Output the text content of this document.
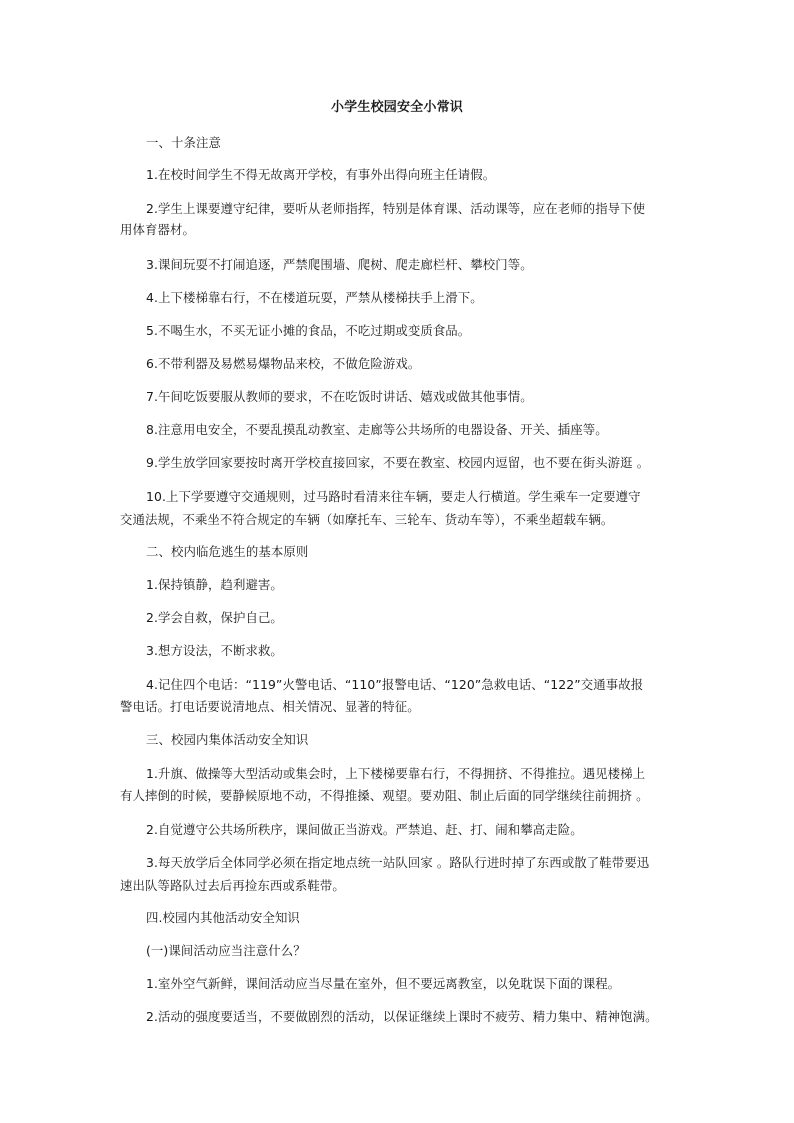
小学生校园安全小常识
一、十条注意
1.在校时间学生不得无故离开学校，有事外出得向班主任请假。
2.学生上课要遵守纪律，要听从老师指挥，特别是体育课、活动课等，应在老师的指导下使
用体育器材。
3.课间玩耍不打闹追逐，严禁爬围墙、爬树、爬走廊栏杆、攀校门等。
4.上下楼梯靠右行，不在楼道玩耍，严禁从楼梯扶手上滑下。
5.不喝生水，不买无证小摊的食品，不吃过期或变质食品。
6.不带利器及易燃易爆物品来校，不做危险游戏。
7.午间吃饭要服从教师的要求，不在吃饭时讲话、嬉戏或做其他事情。
8.注意用电安全，不要乱摸乱动教室、走廊等公共场所的电器设备、开关、插座等。
9.学生放学回家要按时离开学校直接回家，不要在教室、校园内逗留，也不要在街头游逛 。
10.上下学要遵守交通规则，过马路时看清来往车辆，要走人行横道。学生乘车一定要遵守
交通法规，不乘坐不符合规定的车辆（如摩托车、三轮车、货动车等），不乘坐超载车辆。
二、校内临危逃生的基本原则
1.保持镇静，趋利避害。
2.学会自救，保护自己。
3.想方设法，不断求救。
4.记住四个电话：“119”火警电话、“110”报警电话、“120”急救电话、“122”交通事故报
警电话。打电话要说清地点、相关情况、显著的特征。
三、校园内集体活动安全知识
1.升旗、做操等大型活动或集会时，上下楼梯要靠右行，不得拥挤、不得推拉。遇见楼梯上
有人摔倒的时候，要静候原地不动，不得推搡、观望。要劝阻、制止后面的同学继续往前拥挤 。
2.自觉遵守公共场所秩序，课间做正当游戏。严禁追、赶、打、闹和攀高走险。
3.每天放学后全体同学必须在指定地点统一站队回家 。路队行进时掉了东西或散了鞋带要迅
速出队等路队过去后再捡东西或系鞋带。
四.校园内其他活动安全知识
(一)课间活动应当注意什么？
1.室外空气新鲜，课间活动应当尽量在室外，但不要远离教室，以免耽误下面的课程。
2.活动的强度要适当，不要做剧烈的活动，以保证继续上课时不疲劳、精力集中、精神饱满。
